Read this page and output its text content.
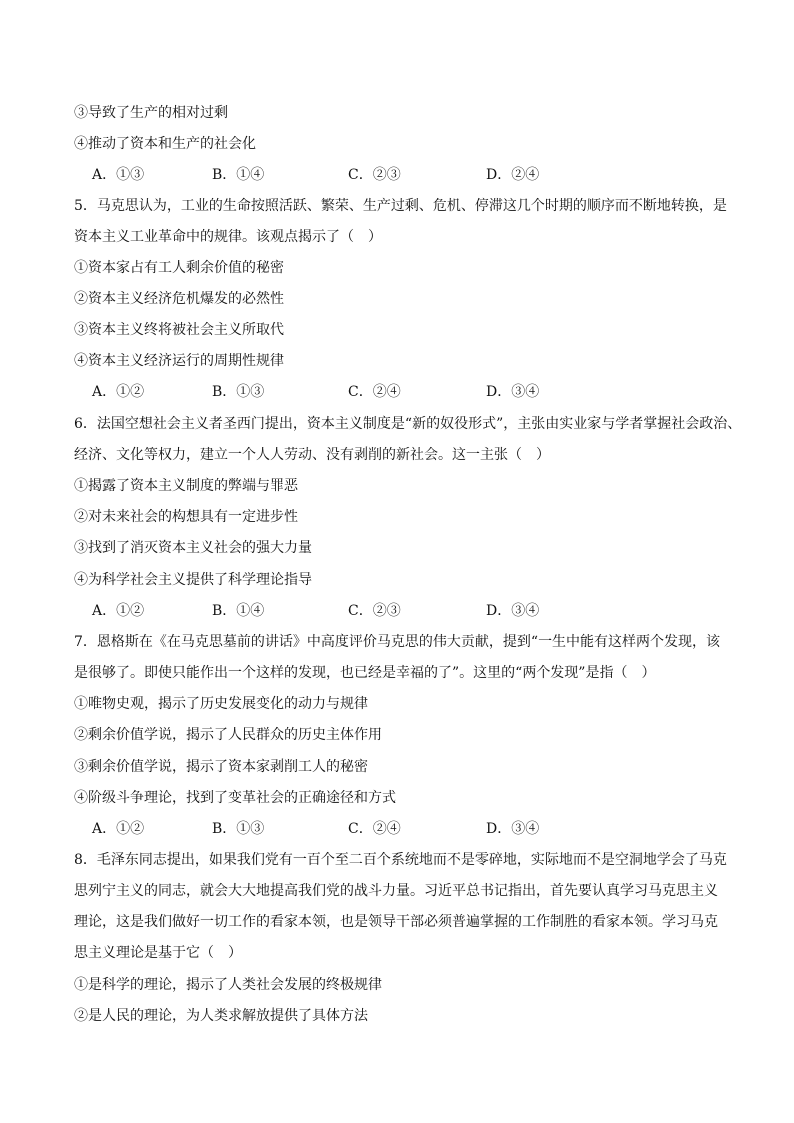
③导致了生产的相对过剩
④推动了资本和生产的社会化
A．①③	B．①④	C．②③	D．②④
5．马克思认为，工业的生命按照活跃、繁荣、生产过剩、危机、停滞这几个时期的顺序而不断地转换，是
资本主义工业革命中的规律。该观点揭示了（　）
①资本家占有工人剩余价值的秘密
②资本主义经济危机爆发的必然性
③资本主义终将被社会主义所取代
④资本主义经济运行的周期性规律
A．①②	B．①③	C．②④	D．③④
6．法国空想社会主义者圣西门提出，资本主义制度是“新的奴役形式”，主张由实业家与学者掌握社会政治、
经济、文化等权力，建立一个人人劳动、没有剥削的新社会。这一主张（　）
①揭露了资本主义制度的弊端与罪恶
②对未来社会的构想具有一定进步性
③找到了消灭资本主义社会的强大力量
④为科学社会主义提供了科学理论指导
A．①②	B．①④	C．②③	D．③④
7．恩格斯在《在马克思墓前的讲话》中高度评价马克思的伟大贡献，提到“一生中能有这样两个发现，该
是很够了。即使只能作出一个这样的发现，也已经是幸福的了”。这里的“两个发现”是指（　）
①唯物史观，揭示了历史发展变化的动力与规律
②剩余价值学说，揭示了人民群众的历史主体作用
③剩余价值学说，揭示了资本家剥削工人的秘密
④阶级斗争理论，找到了变革社会的正确途径和方式
A．①②	B．①③	C．②④	D．③④
8．毛泽东同志提出，如果我们党有一百个至二百个系统地而不是零碎地，实际地而不是空洞地学会了马克
思列宁主义的同志，就会大大地提高我们党的战斗力量。习近平总书记指出，首先要认真学习马克思主义
理论，这是我们做好一切工作的看家本领，也是领导干部必须普遍掌握的工作制胜的看家本领。学习马克
思主义理论是基于它（　）
①是科学的理论，揭示了人类社会发展的终极规律
②是人民的理论，为人类求解放提供了具体方法
